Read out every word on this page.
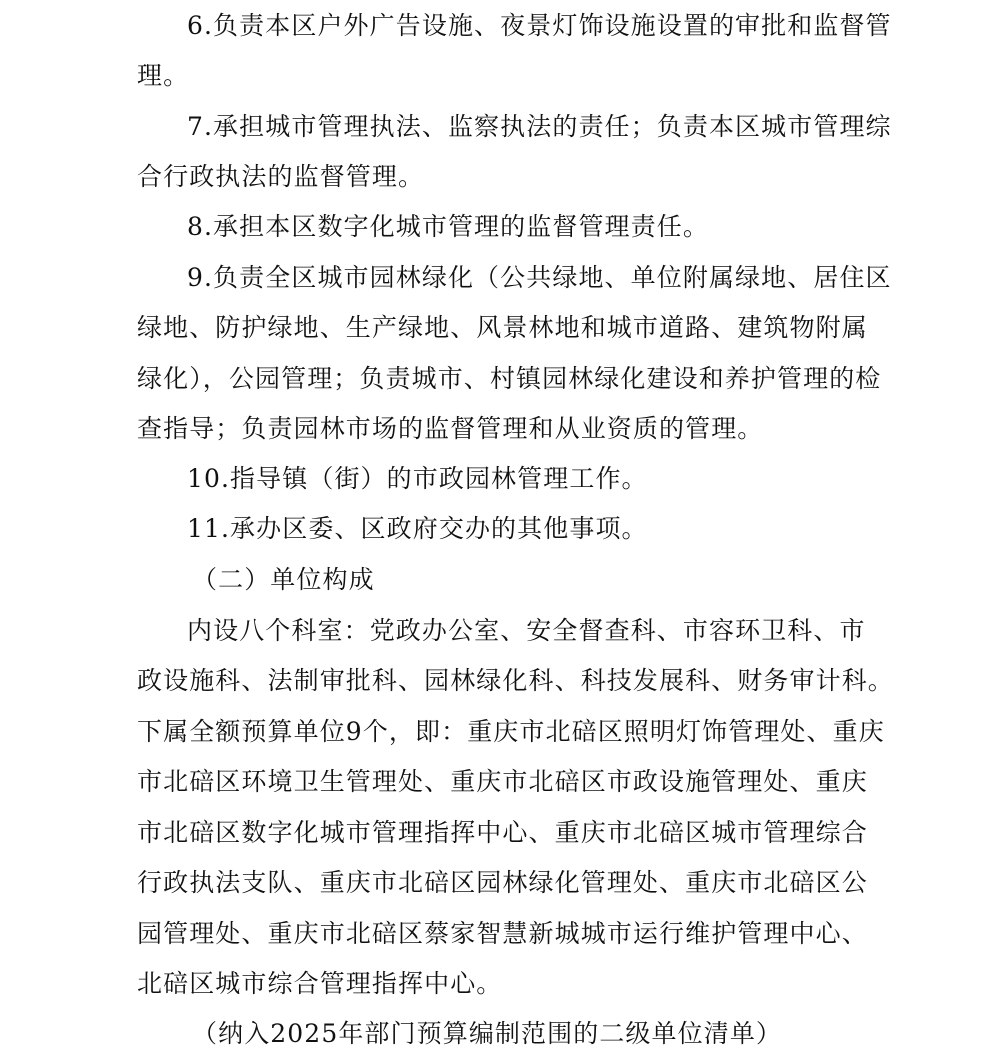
6.负责本区户外广告设施、夜景灯饰设施设置的审批和监督管
理。
7.承担城市管理执法、监察执法的责任；负责本区城市管理综
合行政执法的监督管理。
8.承担本区数字化城市管理的监督管理责任。
9.负责全区城市园林绿化（公共绿地、单位附属绿地、居住区
绿地、防护绿地、生产绿地、风景林地和城市道路、建筑物附属
绿化），公园管理；负责城市、村镇园林绿化建设和养护管理的检
查指导；负责园林市场的监督管理和从业资质的管理。
10.指导镇（街）的市政园林管理工作。
11.承办区委、区政府交办的其他事项。
（二）单位构成
内设八个科室：党政办公室、安全督查科、市容环卫科、市
政设施科、法制审批科、园林绿化科、科技发展科、财务审计科。
下属全额预算单位9个，即：重庆市北碚区照明灯饰管理处、重庆
市北碚区环境卫生管理处、重庆市北碚区市政设施管理处、重庆
市北碚区数字化城市管理指挥中心、重庆市北碚区城市管理综合
行政执法支队、重庆市北碚区园林绿化管理处、重庆市北碚区公
园管理处、重庆市北碚区蔡家智慧新城城市运行维护管理中心、
北碚区城市综合管理指挥中心。
（纳入2025年部门预算编制范围的二级单位清单）
